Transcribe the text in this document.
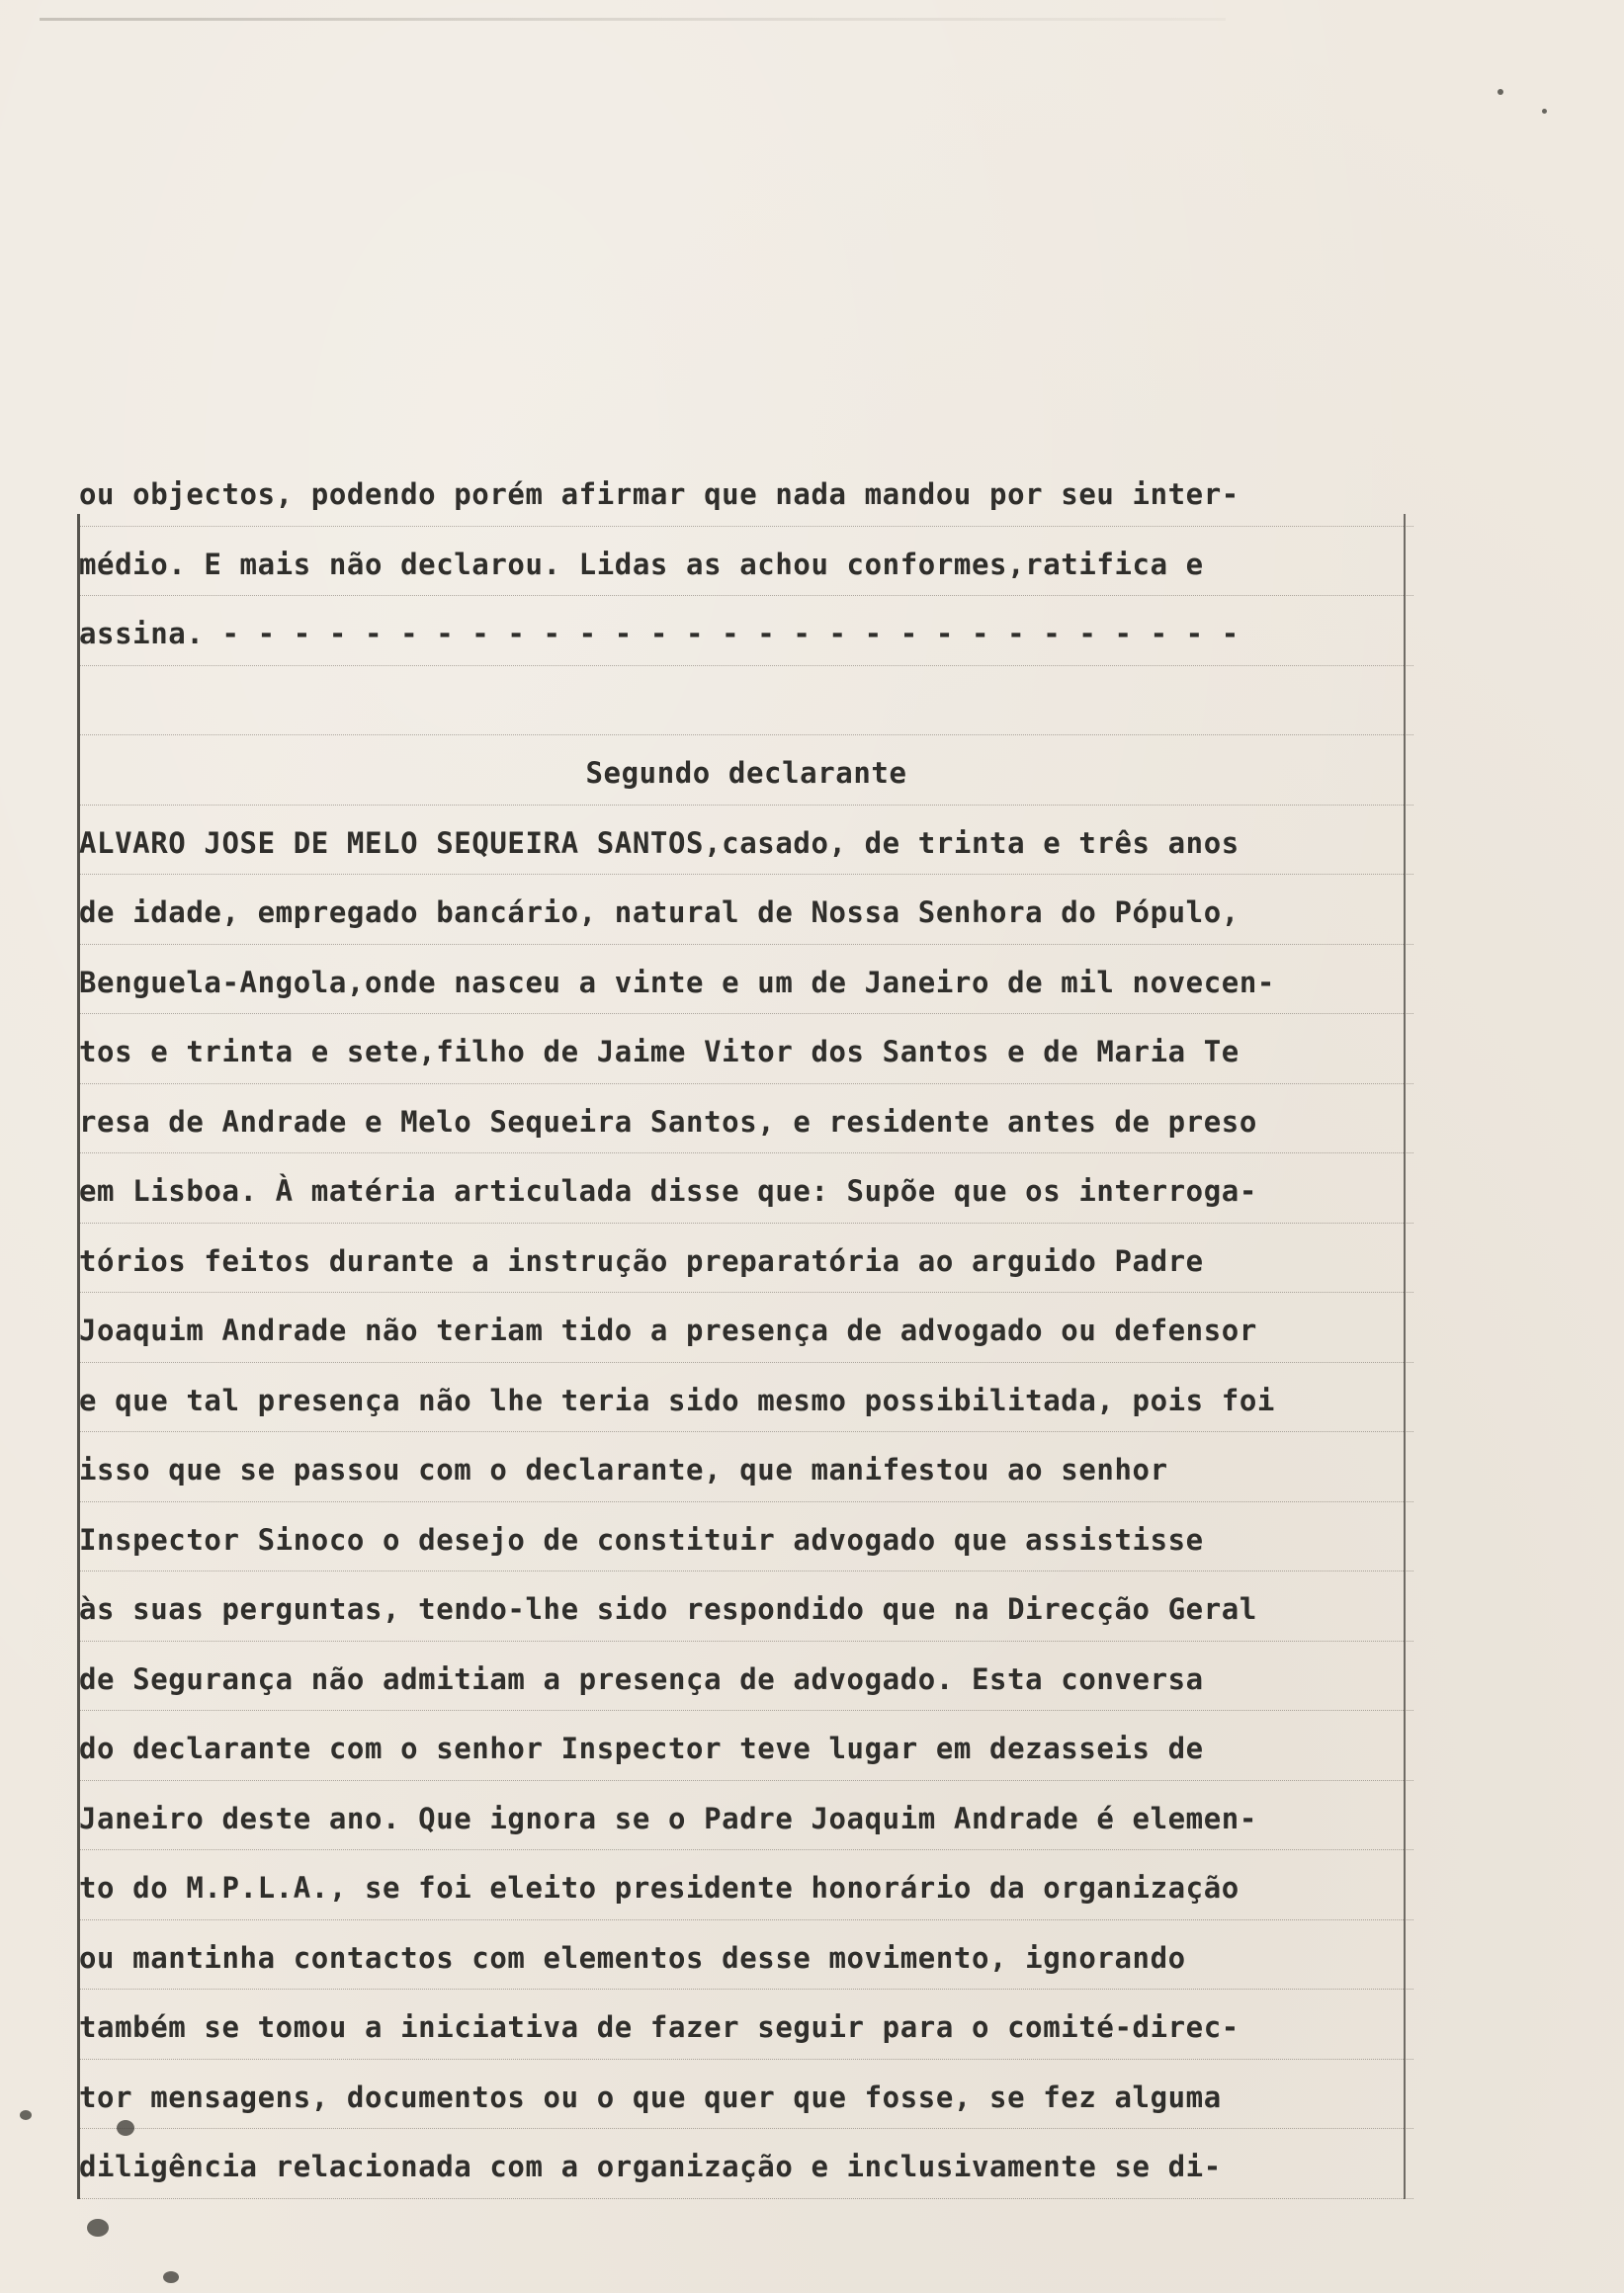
ou objectos, podendo porém afirmar que nada mandou por seu inter-
médio. E mais não declarou. Lidas as achou conformes,ratifica e
assina. - - - - - - - - - - - - - - - - - - - - - - - - - - - - -
Segundo declarante
ALVARO JOSE DE MELO SEQUEIRA SANTOS,casado, de trinta e três anos
de idade, empregado bancário, natural de Nossa Senhora do Pópulo,
Benguela-Angola,onde nasceu a vinte e um de Janeiro de mil novecen-
tos e trinta e sete,filho de Jaime Vitor dos Santos e de Maria Te
resa de Andrade e Melo Sequeira Santos, e residente antes de preso
em Lisboa. À matéria articulada disse que: Supõe que os interroga-
tórios feitos durante a instrução preparatória ao arguido Padre
Joaquim Andrade não teriam tido a presença de advogado ou defensor
e que tal presença não lhe teria sido mesmo possibilitada, pois foi
isso que se passou com o declarante, que manifestou ao senhor
Inspector Sinoco o desejo de constituir advogado que assistisse
às suas perguntas, tendo-lhe sido respondido que na Direcção Geral
de Segurança não admitiam a presença de advogado. Esta conversa
do declarante com o senhor Inspector teve lugar em dezasseis de
Janeiro deste ano. Que ignora se o Padre Joaquim Andrade é elemen-
to do M.P.L.A., se foi eleito presidente honorário da organização
ou mantinha contactos com elementos desse movimento, ignorando
também se tomou a iniciativa de fazer seguir para o comité-direc-
tor mensagens, documentos ou o que quer que fosse, se fez alguma
diligência relacionada com a organização e inclusivamente se di-
